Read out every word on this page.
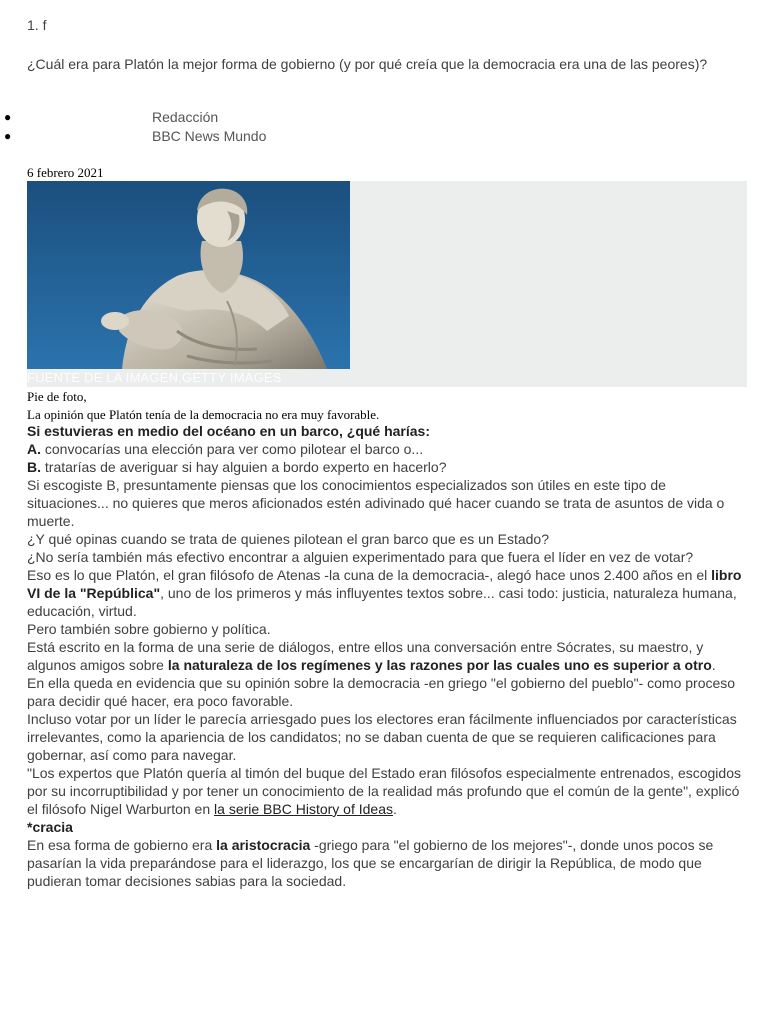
1. f
¿Cuál era para Platón la mejor forma de gobierno (y por qué creía que la democracia era una de las peores)?
●	Redacción
●	BBC News Mundo
6 febrero 2021
FUENTE DE LA IMAGEN,GETTY IMAGES
Pie de foto,
La opinión que Platón tenía de la democracia no era muy favorable.

Si estuvieras en medio del océano en un barco, ¿qué harías:

A. convocarías una elección para ver como pilotear el barco o...

B. tratarías de averiguar si hay alguien a bordo experto en hacerlo?

Si escogiste B, presuntamente piensas que los conocimientos especializados son útiles en este tipo de situaciones... no quieres que meros aficionados estén adivinado qué hacer cuando se trata de asuntos de vida o muerte.

¿Y qué opinas cuando se trata de quienes pilotean el gran barco que es un Estado?

¿No sería también más efectivo encontrar a alguien experimentado para que fuera el líder en vez de votar?

Eso es lo que Platón, el gran filósofo de Atenas -la cuna de la democracia-, alegó hace unos 2.400 años en el libro VI de la "República", uno de los primeros y más influyentes textos sobre... casi todo: justicia, naturaleza humana, educación, virtud.

Pero también sobre gobierno y política.

Está escrito en la forma de una serie de diálogos, entre ellos una conversación entre Sócrates, su maestro, y algunos amigos sobre la naturaleza de los regímenes y las razones por las cuales uno es superior a otro.

En ella queda en evidencia que su opinión sobre la democracia -en griego "el gobierno del pueblo"- como proceso para decidir qué hacer, era poco favorable.

Incluso votar por un líder le parecía arriesgado pues los electores eran fácilmente influenciados por características irrelevantes, como la apariencia de los candidatos; no se daban cuenta de que se requieren calificaciones para gobernar, así como para navegar.

"Los expertos que Platón quería al timón del buque del Estado eran filósofos especialmente entrenados, escogidos por su incorruptibilidad y por tener un conocimiento de la realidad más profundo que el común de la gente", explicó el filósofo Nigel Warburton en la serie BBC History of Ideas.

*cracia

En esa forma de gobierno era la aristocracia -griego para "el gobierno de los mejores"-, donde unos pocos se pasarían la vida preparándose para el liderazgo, los que se encargarían de dirigir la República, de modo que pudieran tomar decisiones sabias para la sociedad.
